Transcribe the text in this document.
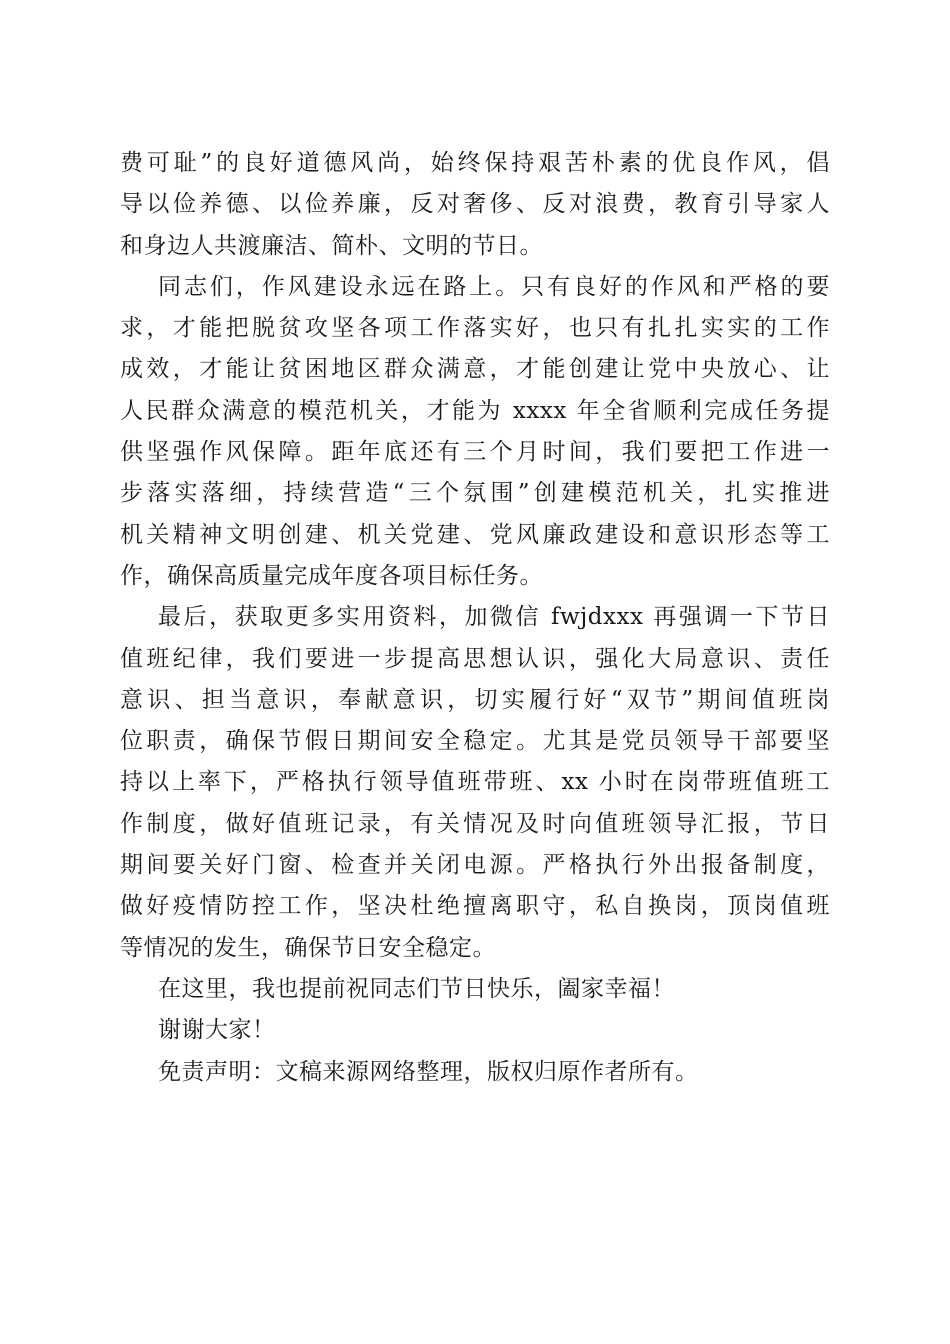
费可耻”的良好道德风尚，始终保持艰苦朴素的优良作风，倡
导以俭养德、以俭养廉，反对奢侈、反对浪费，教育引导家人
和身边人共渡廉洁、简朴、文明的节日。
同志们，作风建设永远在路上。只有良好的作风和严格的要
求，才能把脱贫攻坚各项工作落实好，也只有扎扎实实的工作
成效，才能让贫困地区群众满意，才能创建让党中央放心、让
人民群众满意的模范机关，才能为 xxxx 年全省顺利完成任务提
供坚强作风保障。距年底还有三个月时间，我们要把工作进一
步落实落细，持续营造“三个氛围”创建模范机关，扎实推进
机关精神文明创建、机关党建、党风廉政建设和意识形态等工
作，确保高质量完成年度各项目标任务。
最后，获取更多实用资料，加微信 fwjdxxx 再强调一下节日
值班纪律，我们要进一步提高思想认识，强化大局意识、责任
意识、担当意识，奉献意识，切实履行好“双节”期间值班岗
位职责，确保节假日期间安全稳定。尤其是党员领导干部要坚
持以上率下，严格执行领导值班带班、xx 小时在岗带班值班工
作制度，做好值班记录，有关情况及时向值班领导汇报，节日
期间要关好门窗、检查并关闭电源。严格执行外出报备制度，
做好疫情防控工作，坚决杜绝擅离职守，私自换岗，顶岗值班
等情况的发生，确保节日安全稳定。
在这里，我也提前祝同志们节日快乐，阖家幸福！
谢谢大家！
免责声明：文稿来源网络整理，版权归原作者所有。
